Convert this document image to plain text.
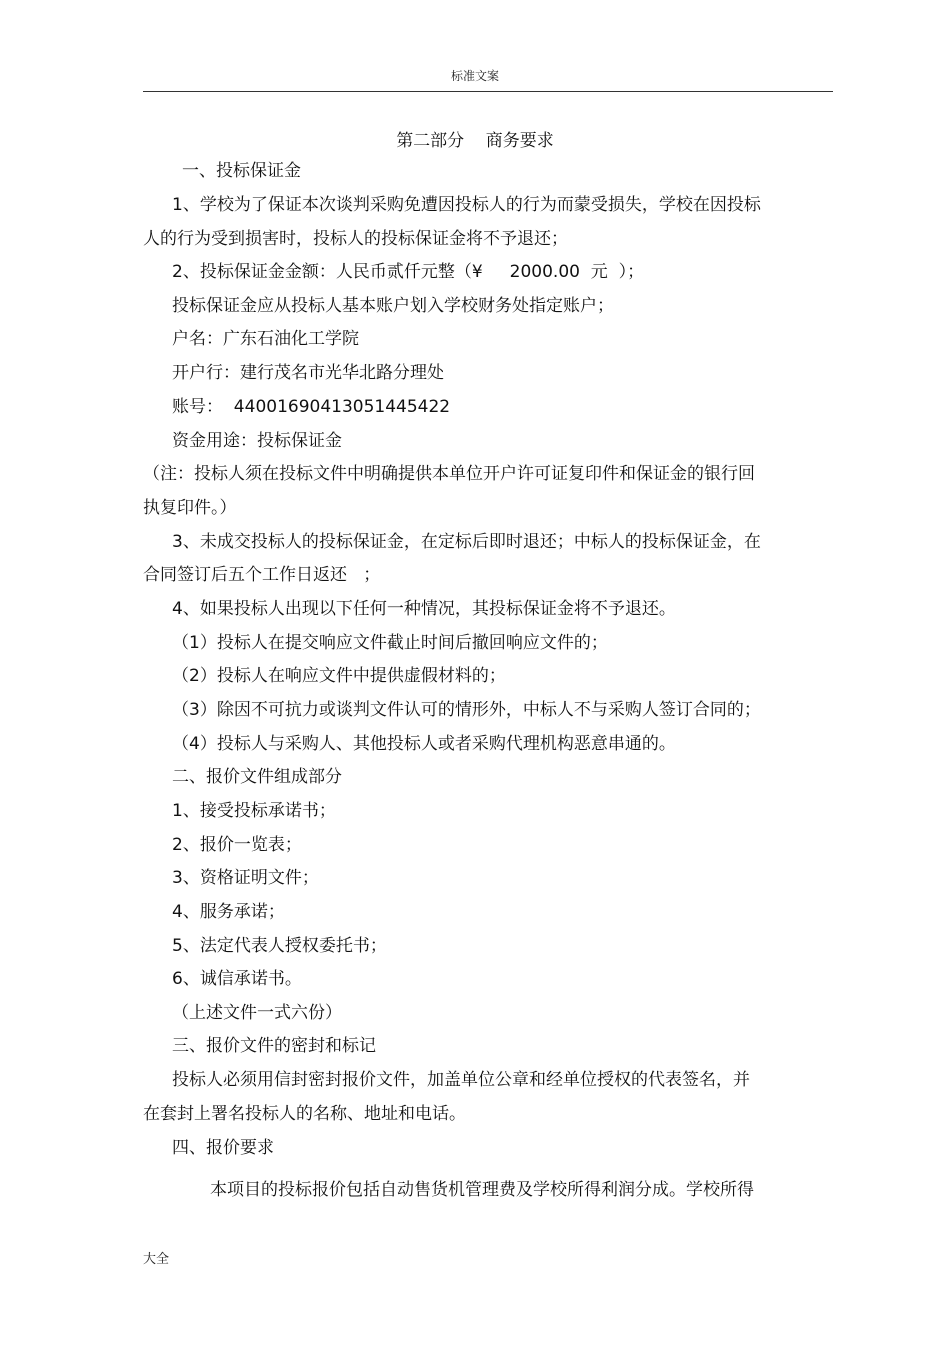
标准文案
第二部分    商务要求
一、投标保证金
1、学校为了保证本次谈判采购免遭因投标人的行为而蒙受损失，学校在因投标
人的行为受到损害时，投标人的投标保证金将不予退还；
2、投标保证金金额：人民币贰仟元整（¥     2000.00  元  ）；
投标保证金应从投标人基本账户划入学校财务处指定账户；
户名：广东石油化工学院
开户行：建行茂名市光华北路分理处
账号：  44001690413051445422
资金用途：投标保证金
（注：投标人须在投标文件中明确提供本单位开户许可证复印件和保证金的银行回
执复印件。）
3、未成交投标人的投标保证金，在定标后即时退还；中标人的投标保证金，在
合同签订后五个工作日返还   ；
4、如果投标人出现以下任何一种情况，其投标保证金将不予退还。
（1）投标人在提交响应文件截止时间后撤回响应文件的；
（2）投标人在响应文件中提供虚假材料的；
（3）除因不可抗力或谈判文件认可的情形外，中标人不与采购人签订合同的；
（4）投标人与采购人、其他投标人或者采购代理机构恶意串通的。
二、报价文件组成部分
1、接受投标承诺书；
2、报价一览表；
3、资格证明文件；
4、服务承诺；
5、法定代表人授权委托书；
6、诚信承诺书。
（上述文件一式六份）
三、报价文件的密封和标记
投标人必须用信封密封报价文件，加盖单位公章和经单位授权的代表签名，并
在套封上署名投标人的名称、地址和电话。
四、报价要求
本项目的投标报价包括自动售货机管理费及学校所得利润分成。学校所得
大全
